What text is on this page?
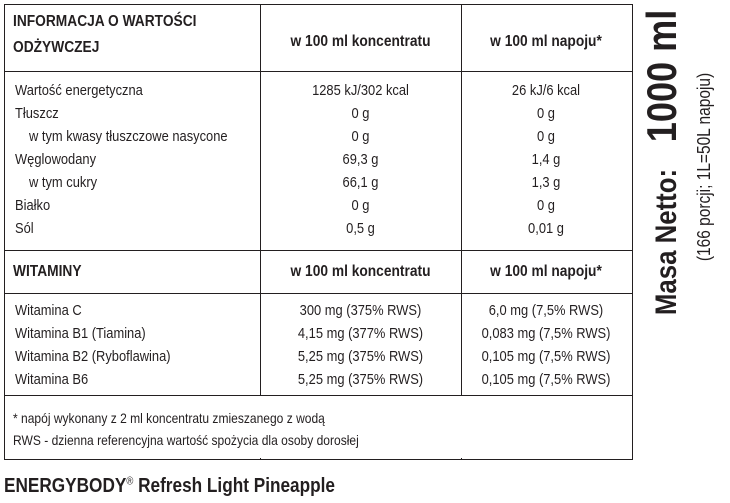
INFORMACJA O WARTOŚCI
ODŻYWCZEJ	w 100 ml koncentratu	w 100 ml napoju*
Wartość energetyczna	1285 kJ/302 kcal	26 kJ/6 kcal
Tłuszcz	0 g	0 g
w tym kwasy tłuszczowe nasycone	0 g	0 g
Węglowodany	69,3 g	1,4 g
w tym cukry	66,1 g	1,3 g
Białko	0 g	0 g
Sól	0,5 g	0,01 g
WITAMINY	w 100 ml koncentratu	w 100 ml napoju*
Witamina C	300 mg (375% RWS)	6,0 mg (7,5% RWS)
Witamina B1 (Tiamina)	4,15 mg (377% RWS)	0,083 mg (7,5% RWS)
Witamina B2 (Ryboflawina)	5,25 mg (375% RWS)	0,105 mg (7,5% RWS)
Witamina B6	5,25 mg (375% RWS)	0,105 mg (7,5% RWS)
* napój wykonany z 2 ml koncentratu zmieszanego z wodą
RWS - dzienna referencyjna wartość spożycia dla osoby dorosłej
ENERGYBODY® Refresh Light Pineapple
Masa Netto: 1000 ml (166 porcji; 1L=50L napoju)
